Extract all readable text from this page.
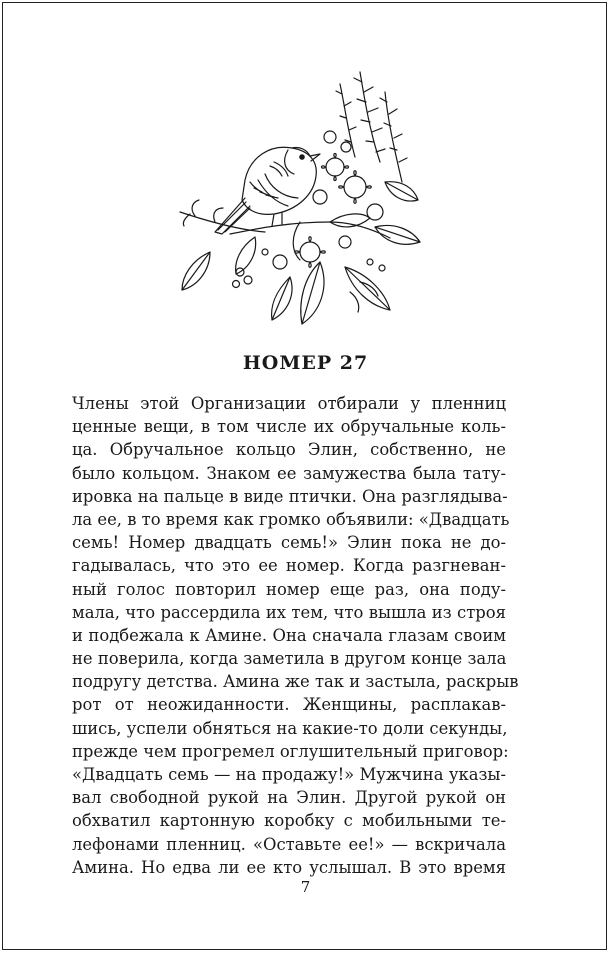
НОМЕР 27
Члены этой Организации отбирали у пленниц
ценные вещи, в том числе их обручальные коль-
ца. Обручальное кольцо Элин, собственно, не
было кольцом. Знаком ее замужества была тату-
ировка на пальце в виде птички. Она разглядыва-
ла ее, в то время как громко объявили: «Двадцать
семь! Номер двадцать семь!» Элин пока не до-
гадывалась, что это ее номер. Когда разгневан-
ный голос повторил номер еще раз, она поду-
мала, что рассердила их тем, что вышла из строя
и подбежала к Амине. Она сначала глазам своим
не поверила, когда заметила в другом конце зала
подругу детства. Амина же так и застыла, раскрыв
рот от неожиданности. Женщины, расплакав-
шись, успели обняться на какие-то доли секунды,
прежде чем прогремел оглушительный приговор:
«Двадцать семь — на продажу!» Мужчина указы-
вал свободной рукой на Элин. Другой рукой он
обхватил картонную коробку с мобильными те-
лефонами пленниц. «Оставьте ее!» — вскричала
Амина. Но едва ли ее кто услышал. В это время

7
